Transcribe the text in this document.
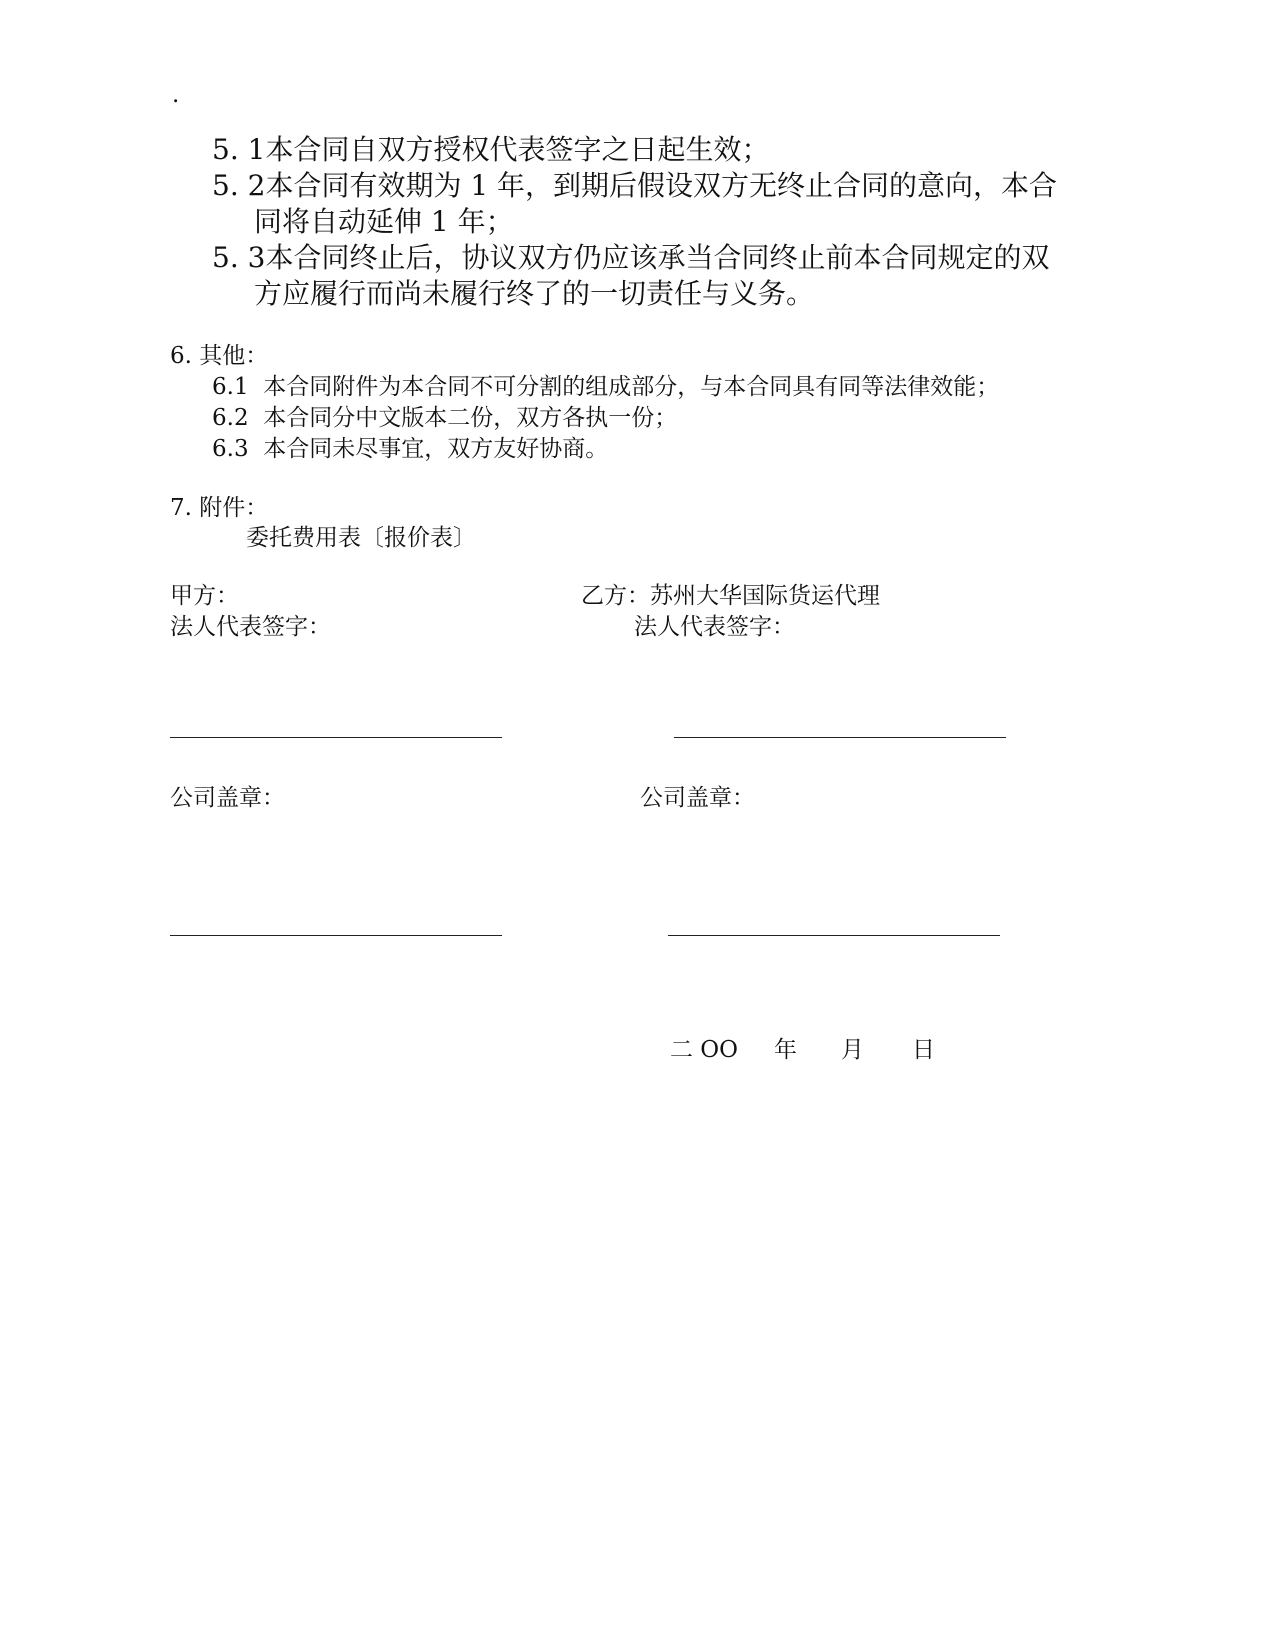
.
5. 1本合同自双方授权代表签字之日起生效；
5. 2本合同有效期为 1 年，到期后假设双方无终止合同的意向，本合
同将自动延伸 1 年；
5. 3本合同终止后，协议双方仍应该承当合同终止前本合同规定的双
方应履行而尚未履行终了的一切责任与义务。
6. 其他：
6.1 本合同附件为本合同不可分割的组成部分，与本合同具有同等法律效能；
6.2 本合同分中文版本二份，双方各执一份；
6.3 本合同未尽事宜，双方友好协商。
7. 附件：
委托费用表〔报价表〕
甲方：	乙方：苏州大华国际货运代理
法人代表签字：	法人代表签字：
公司盖章：	公司盖章：
二 OO 年 月 日
